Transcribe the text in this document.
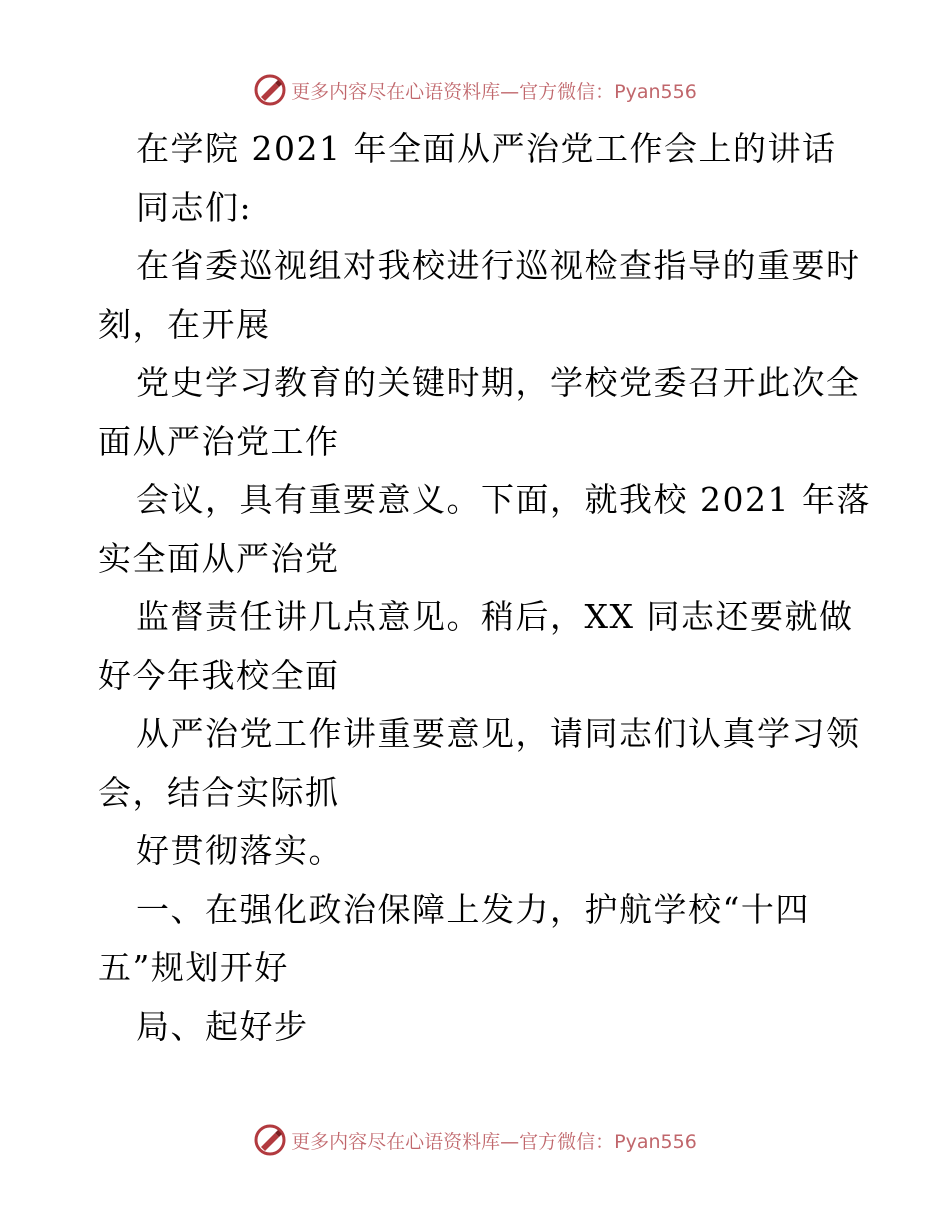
更多内容尽在心语资料库—官方微信：Pyan556
在学院 2021 年全面从严治党工作会上的讲话
同志们:
在省委巡视组对我校进行巡视检查指导的重要时
刻，在开展
党史学习教育的关键时期，学校党委召开此次全
面从严治党工作
会议，具有重要意义。下面，就我校 2021 年落
实全面从严治党
监督责任讲几点意见。稍后，XX 同志还要就做
好今年我校全面
从严治党工作讲重要意见，请同志们认真学习领
会，结合实际抓
好贯彻落实。
一、在强化政治保障上发力，护航学校“十四
五”规划开好
局、起好步
更多内容尽在心语资料库—官方微信：Pyan556
